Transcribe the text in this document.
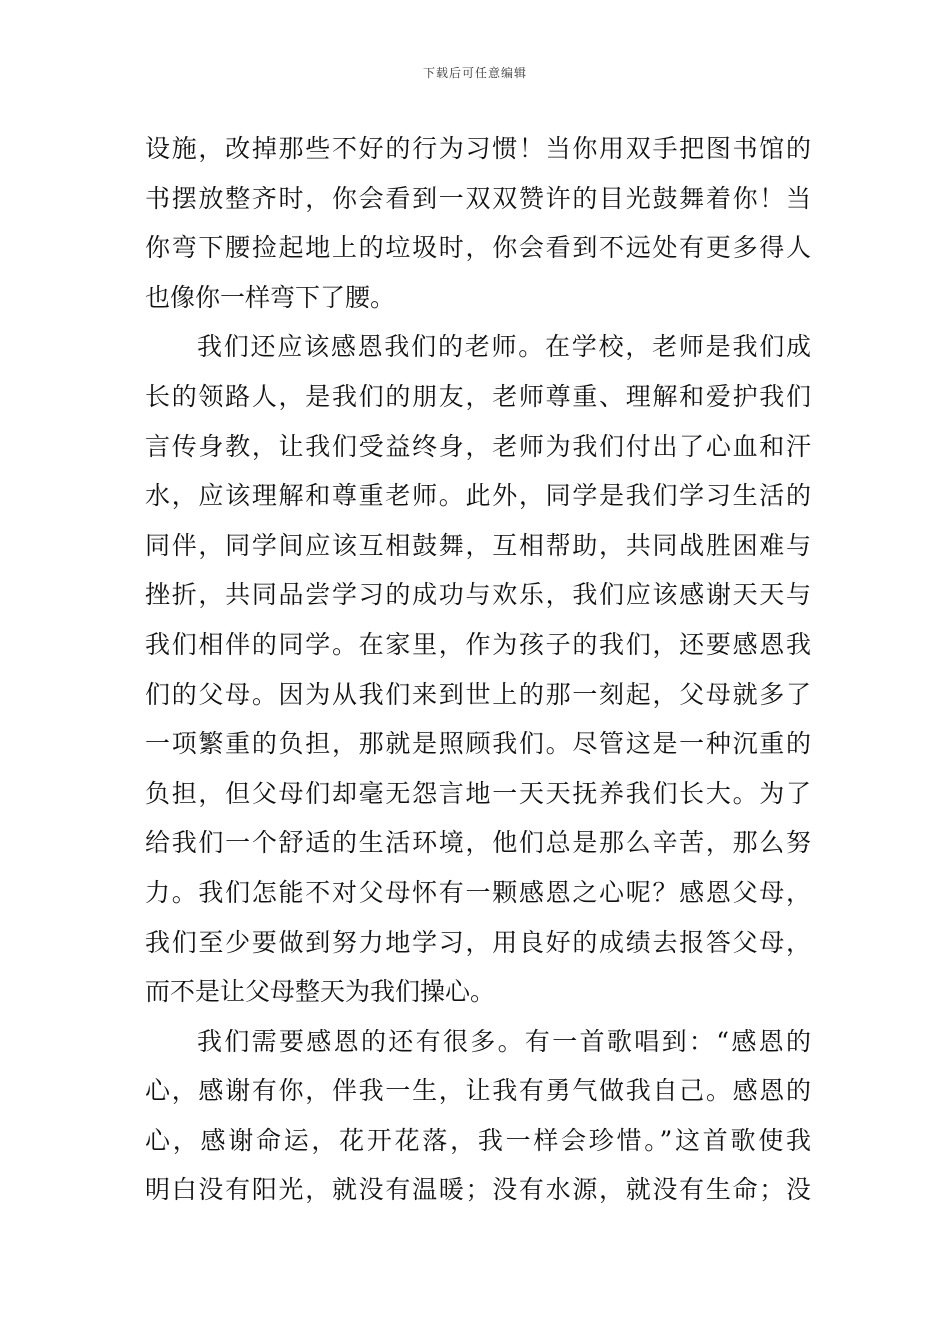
下载后可任意编辑
设施，改掉那些不好的行为习惯！当你用双手把图书馆的
书摆放整齐时，你会看到一双双赞许的目光鼓舞着你！当
你弯下腰捡起地上的垃圾时，你会看到不远处有更多得人
也像你一样弯下了腰。
我们还应该感恩我们的老师。在学校，老师是我们成
长的领路人，是我们的朋友，老师尊重、理解和爱护我们
言传身教，让我们受益终身，老师为我们付出了心血和汗
水，应该理解和尊重老师。此外，同学是我们学习生活的
同伴，同学间应该互相鼓舞，互相帮助，共同战胜困难与
挫折，共同品尝学习的成功与欢乐，我们应该感谢天天与
我们相伴的同学。在家里，作为孩子的我们，还要感恩我
们的父母。因为从我们来到世上的那一刻起，父母就多了
一项繁重的负担，那就是照顾我们。尽管这是一种沉重的
负担，但父母们却毫无怨言地一天天抚养我们长大。为了
给我们一个舒适的生活环境，他们总是那么辛苦，那么努
力。我们怎能不对父母怀有一颗感恩之心呢？感恩父母，
我们至少要做到努力地学习，用良好的成绩去报答父母，
而不是让父母整天为我们操心。
我们需要感恩的还有很多。有一首歌唱到：“感恩的
心，感谢有你，伴我一生，让我有勇气做我自己。感恩的
心，感谢命运，花开花落，我一样会珍惜。”这首歌使我
明白没有阳光，就没有温暖；没有水源，就没有生命；没
